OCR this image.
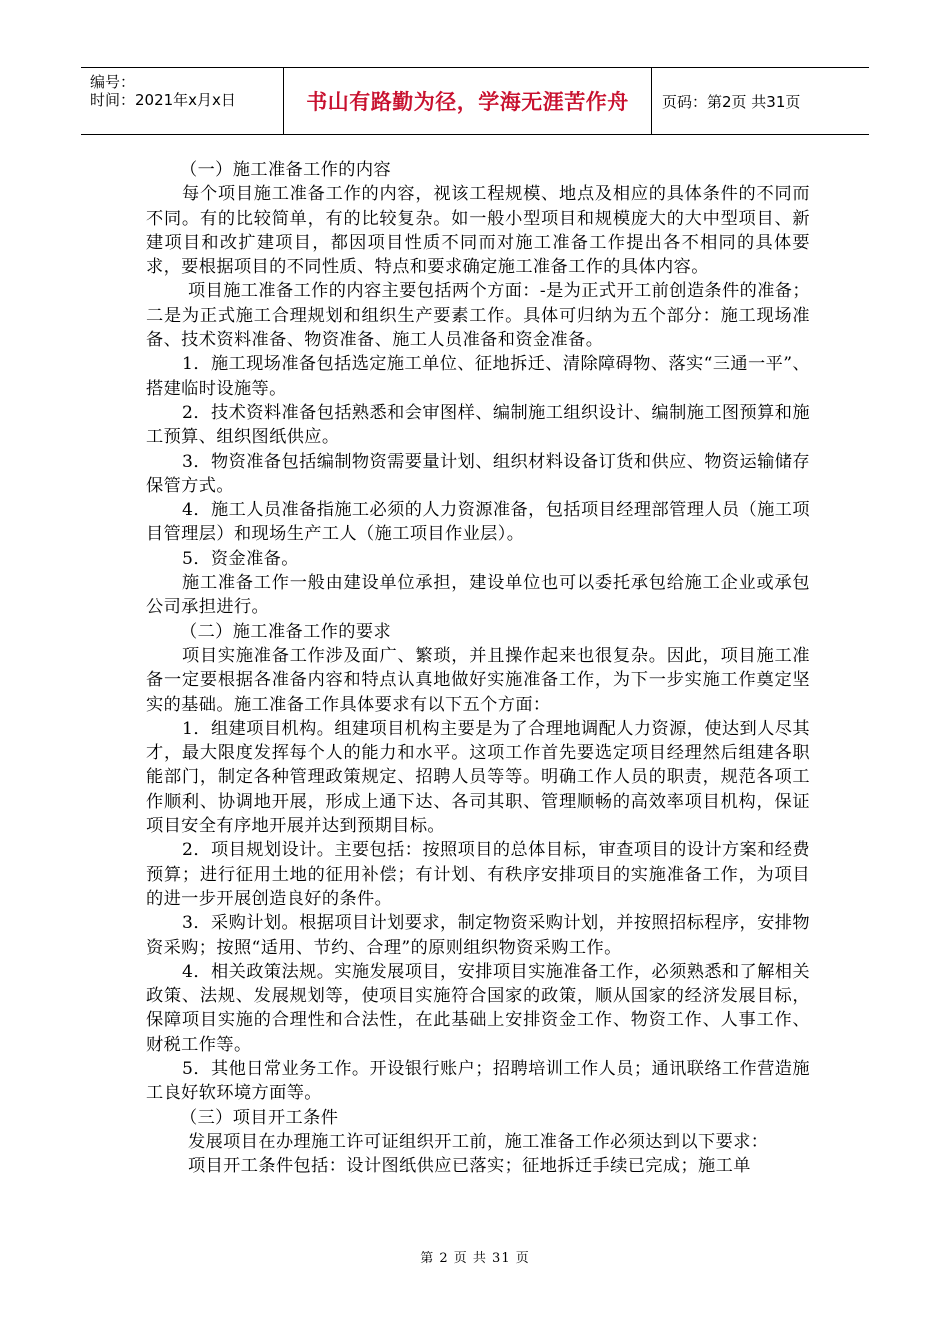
编号：
时间：2021年x月x日	书山有路勤为径，学海无涯苦作舟	页码：第2页 共31页

（一）施工准备工作的内容

每个项目施工准备工作的内容，视该工程规模、地点及相应的具体条件的不同而不同。有的比较简单，有的比较复杂。如一般小型项目和规模庞大的大中型项目、新建项目和改扩建项目，都因项目性质不同而对施工准备工作提出各不相同的具体要求，要根据项目的不同性质、特点和要求确定施工准备工作的具体内容。

项目施工准备工作的内容主要包括两个方面：-是为正式开工前创造条件的准备；二是为正式施工合理规划和组织生产要素工作。具体可归纳为五个部分：施工现场准备、技术资料准备、物资准备、施工人员准备和资金准备。

1．施工现场准备包括选定施工单位、征地拆迁、清除障碍物、落实“三通一平”、搭建临时设施等。

2．技术资料准备包括熟悉和会审图样、编制施工组织设计、编制施工图预算和施工预算、组织图纸供应。

3．物资准备包括编制物资需要量计划、组织材料设备订货和供应、物资运输储存保管方式。

4．施工人员准备指施工必须的人力资源准备，包括项目经理部管理人员（施工项目管理层）和现场生产工人（施工项目作业层）。

5．资金准备。

施工准备工作一般由建设单位承担，建设单位也可以委托承包给施工企业或承包公司承担进行。

（二）施工准备工作的要求

项目实施准备工作涉及面广、繁琐，并且操作起来也很复杂。因此，项目施工准备一定要根据各准备内容和特点认真地做好实施准备工作，为下一步实施工作奠定坚实的基础。施工准备工作具体要求有以下五个方面：

1．组建项目机构。组建项目机构主要是为了合理地调配人力资源，使达到人尽其才，最大限度发挥每个人的能力和水平。这项工作首先要选定项目经理然后组建各职能部门，制定各种管理政策规定、招聘人员等等。明确工作人员的职责，规范各项工作顺利、协调地开展，形成上通下达、各司其职、管理顺畅的高效率项目机构，保证项目安全有序地开展并达到预期目标。

2．项目规划设计。主要包括：按照项目的总体目标，审查项目的设计方案和经费预算；进行征用土地的征用补偿；有计划、有秩序安排项目的实施准备工作，为项目的进一步开展创造良好的条件。

3．采购计划。根据项目计划要求，制定物资采购计划，并按照招标程序，安排物资采购；按照“适用、节约、合理”的原则组织物资采购工作。

4．相关政策法规。实施发展项目，安排项目实施准备工作，必须熟悉和了解相关政策、法规、发展规划等，使项目实施符合国家的政策，顺从国家的经济发展目标，保障项目实施的合理性和合法性，在此基础上安排资金工作、物资工作、人事工作、财税工作等。

5．其他日常业务工作。开设银行账户；招聘培训工作人员；通讯联络工作营造施工良好软环境方面等。

（三）项目开工条件

发展项目在办理施工许可证组织开工前，施工准备工作必须达到以下要求：

项目开工条件包括：设计图纸供应已落实；征地拆迁手续已完成；施工单

第 2 页 共 31 页
